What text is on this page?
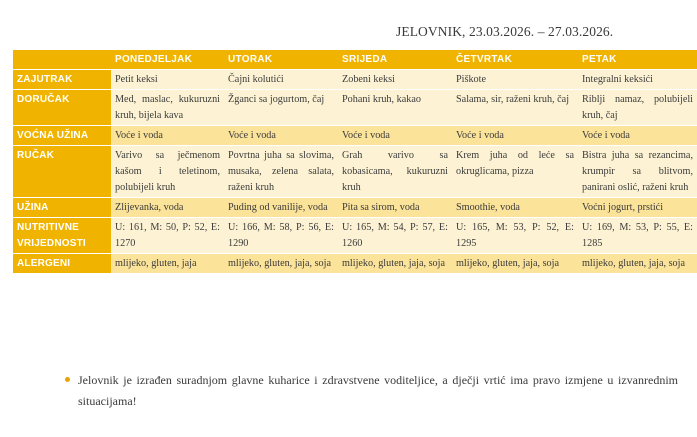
JELOVNIK, 23.03.2026. – 27.03.2026.
	PONEDJELJAK	UTORAK	SRIJEDA	ČETVRTAK	PETAK
ZAJUTRAK	Petit keksi	Čajni kolutići	Zobeni keksi	Piškote	Integralni keksići
DORUČAK	Med, maslac, kukuruzni kruh, bijela kava	Žganci sa jogurtom, čaj	Pohani kruh, kakao	Salama, sir, raženi kruh, čaj	Riblji namaz, polubijeli kruh, čaj
VOĆNA UŽINA	Voće i voda	Voće i voda	Voće i voda	Voće i voda	Voće i voda
RUČAK	Varivo sa ječmenom kašom i teletinom, polubijeli kruh	Povrtna juha sa slovima, musaka, zelena salata, raženi kruh	Grah varivo sa kobasicama, kukuruzni kruh	Krem juha od leće sa okruglicama, pizza	Bistra juha sa rezancima, krumpir sa blitvom, panirani oslić, raženi kruh
UŽINA	Zlijevanka, voda	Puding od vanilije, voda	Pita sa sirom, voda	Smoothie, voda	Voćni jogurt, prstići
NUTRITIVNE VRIJEDNOSTI	U: 161, M: 50, P: 52, E: 1270	U: 166, M: 58, P: 56, E: 1290	U: 165, M: 54, P: 57, E: 1260	U: 165, M: 53, P: 52, E: 1295	U: 169, M: 53, P: 55, E: 1285
ALERGENI	mlijeko, gluten, jaja	mlijeko, gluten, jaja, soja	mlijeko, gluten, jaja, soja	mlijeko, gluten, jaja, soja	mlijeko, gluten, jaja, soja
Jelovnik je izrađen suradnjom glavne kuharice i zdravstvene voditeljice, a dječji vrtić ima pravo izmjene u izvanrednim situacijama!
